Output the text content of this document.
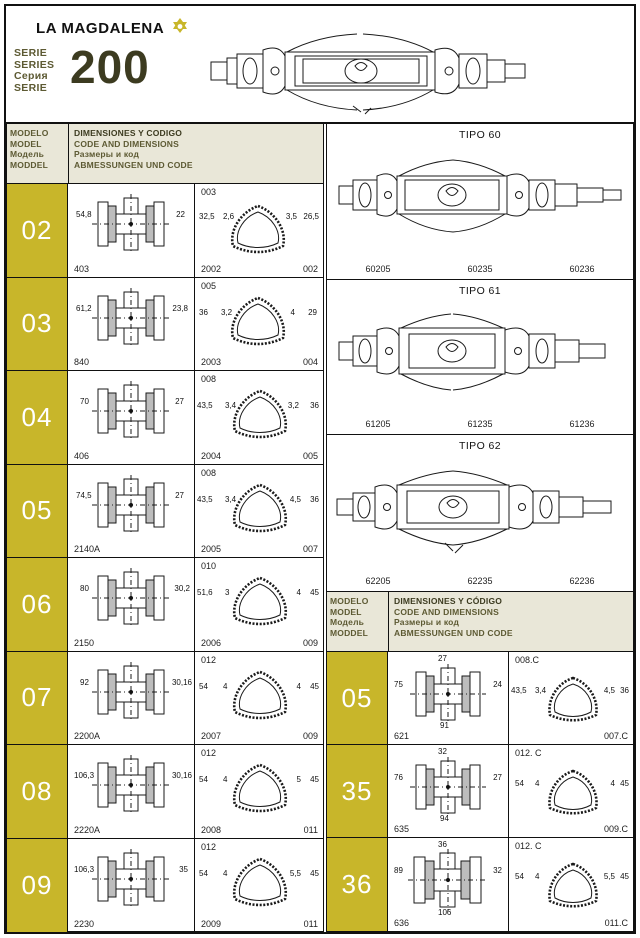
LA MAGDALENA
SERIE
SERIES
Серия
SERIE 200
MODELO
MODEL
Модель
MODDEL
DIMENSIONES Y CODIGO
CODE AND DIMENSIONS
Размеры и код
ABMESSUNGEN UND CODE
02
54,8	22
403
003
32,5 2,6	3,5 26,5
2002	002
03
61,2	23,8
840
005
36 3,2	4 29
2003	004
04
70	27
406
008
43,5 3,4	3,2 36
2004	005
05
74,5	27
2140A
008
43,5 3,4	4,5 36
2005	007
06
80	30,2
2150
010
51,6 3	4 45
2006	009
07
92	30,16
2200A
012
54 4	4 45
2007	009
08
106,3	30,16
2220A
012
54 4	5 45
2008	011
09
106,3	35
2230
012
54 4	5,5 45
2009	011
TIPO 60
60205	60235	60236
TIPO 61
61205	61235	61236
TIPO 62
62205	62235	62236
MODELO
MODEL
Модель
MODDEL
DIMENSIONES Y CÓDIGO
CODE AND DIMENSIONS
Размеры и код
ABMESSUNGEN UND CODE
05
27
75	24
91
621
008.C
43,5 3,4	4,5 36
007.C
35
32
76	27
94
635
012. C
54 4	4 45
009.C
36
36
89	32
106
636
012. C
54 4	5,5 45
011.C
